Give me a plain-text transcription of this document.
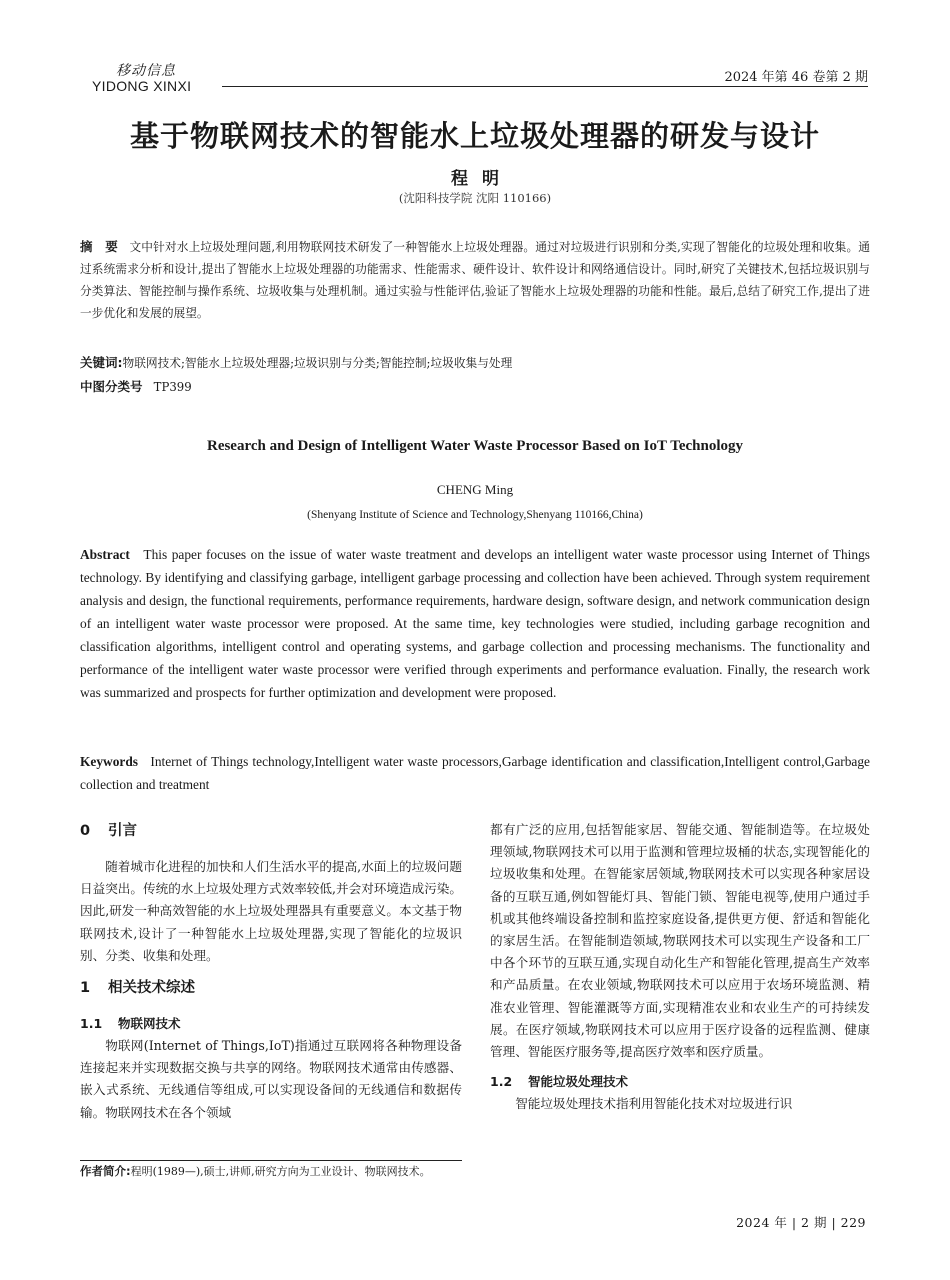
移动信息
YIDONG XINXI
2024 年第 46 卷第 2 期
基于物联网技术的智能水上垃圾处理器的研发与设计
程明
(沈阳科技学院 沈阳 110166)
摘　要 文中针对水上垃圾处理问题,利用物联网技术研发了一种智能水上垃圾处理器。通过对垃圾进行识别和分类,实现了智能化的垃圾处理和收集。通过系统需求分析和设计,提出了智能水上垃圾处理器的功能需求、性能需求、硬件设计、软件设计和网络通信设计。同时,研究了关键技术,包括垃圾识别与分类算法、智能控制与操作系统、垃圾收集与处理机制。通过实验与性能评估,验证了智能水上垃圾处理器的功能和性能。最后,总结了研究工作,提出了进一步优化和发展的展望。
关键词:物联网技术;智能水上垃圾处理器;垃圾识别与分类;智能控制;垃圾收集与处理
中图分类号 TP399
Research and Design of Intelligent Water Waste Processor Based on IoT Technology
CHENG Ming
(Shenyang Institute of Science and Technology,Shenyang 110166,China)
Abstract This paper focuses on the issue of water waste treatment and develops an intelligent water waste processor using Internet of Things technology. By identifying and classifying garbage, intelligent garbage processing and collection have been achieved. Through system requirement analysis and design, the functional requirements, performance requirements, hardware design, software design, and network communication design of an intelligent water waste processor were proposed. At the same time, key technologies were studied, including garbage recognition and classification algorithms, intelligent control and operating systems, and garbage collection and processing mechanisms. The functionality and performance of the intelligent water waste processor were verified through experiments and performance evaluation. Finally, the research work was summarized and prospects for further optimization and development were proposed.
Keywords Internet of Things technology,Intelligent water waste processors,Garbage identification and classification,Intelligent control,Garbage collection and treatment
0 引言

随着城市化进程的加快和人们生活水平的提高,水面上的垃圾问题日益突出。传统的水上垃圾处理方式效率较低,并会对环境造成污染。因此,研发一种高效智能的水上垃圾处理器具有重要意义。本文基于物联网技术,设计了一种智能水上垃圾处理器,实现了智能化的垃圾识别、分类、收集和处理。

1 相关技术综述
1.1 物联网技术

物联网(Internet of Things,IoT)指通过互联网将各种物理设备连接起来并实现数据交换与共享的网络。物联网技术通常由传感器、嵌入式系统、无线通信等组成,可以实现设备间的无线通信和数据传输。物联网技术在各个领域

都有广泛的应用,包括智能家居、智能交通、智能制造等。在垃圾处理领域,物联网技术可以用于监测和管理垃圾桶的状态,实现智能化的垃圾收集和处理。在智能家居领域,物联网技术可以实现各种家居设备的互联互通,例如智能灯具、智能门锁、智能电视等,使用户通过手机或其他终端设备控制和监控家庭设备,提供更方便、舒适和智能化的家居生活。在智能制造领域,物联网技术可以实现生产设备和工厂中各个环节的互联互通,实现自动化生产和智能化管理,提高生产效率和产品质量。在农业领域,物联网技术可以应用于农场环境监测、精准农业管理、智能灌溉等方面,实现精准农业和农业生产的可持续发展。在医疗领域,物联网技术可以应用于医疗设备的远程监测、健康管理、智能医疗服务等,提高医疗效率和医疗质量。

1.2 智能垃圾处理技术

智能垃圾处理技术指利用智能化技术对垃圾进行识

作者简介:程明(1989—),硕士,讲师,研究方向为工业设计、物联网技术。
2024 年 | 2 期 | 229
